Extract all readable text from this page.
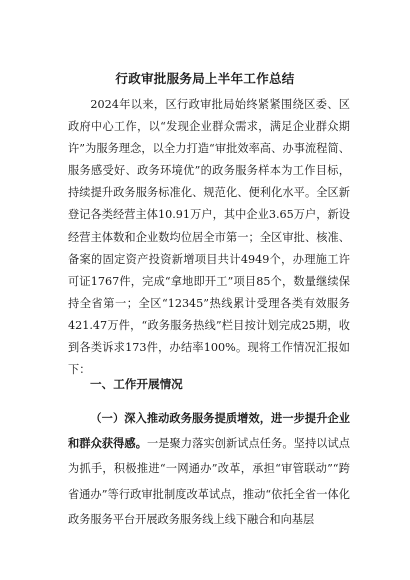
行政审批服务局上半年工作总结

2024年以来，区行政审批局始终紧紧围绕区委、区政府中心工作，以“发现企业群众需求，满足企业群众期许”为服务理念，以全力打造“审批效率高、办事流程简、服务感受好、政务环境优”的政务服务样本为工作目标，持续提升政务服务标准化、规范化、便利化水平。全区新登记各类经营主体10.91万户，其中企业3.65万户，新设经营主体数和企业数均位居全市第一；全区审批、核准、备案的固定资产投资新增项目共计4949个，办理施工许可证1767件，完成“拿地即开工”项目85个，数量继续保持全省第一；全区“12345”热线累计受理各类有效服务421.47万件，“政务服务热线”栏目按计划完成25期，收到各类诉求173件，办结率100%。现将工作情况汇报如下：

一、工作开展情况

（一）深入推动政务服务提质增效，进一步提升企业和群众获得感。一是聚力落实创新试点任务。坚持以试点为抓手，积极推进“一网通办”改革，承担“审管联动”“跨省通办”等行政审批制度改革试点，推动“依托全省一体化政务服务平台开展政务服务线上线下融合和向基层
